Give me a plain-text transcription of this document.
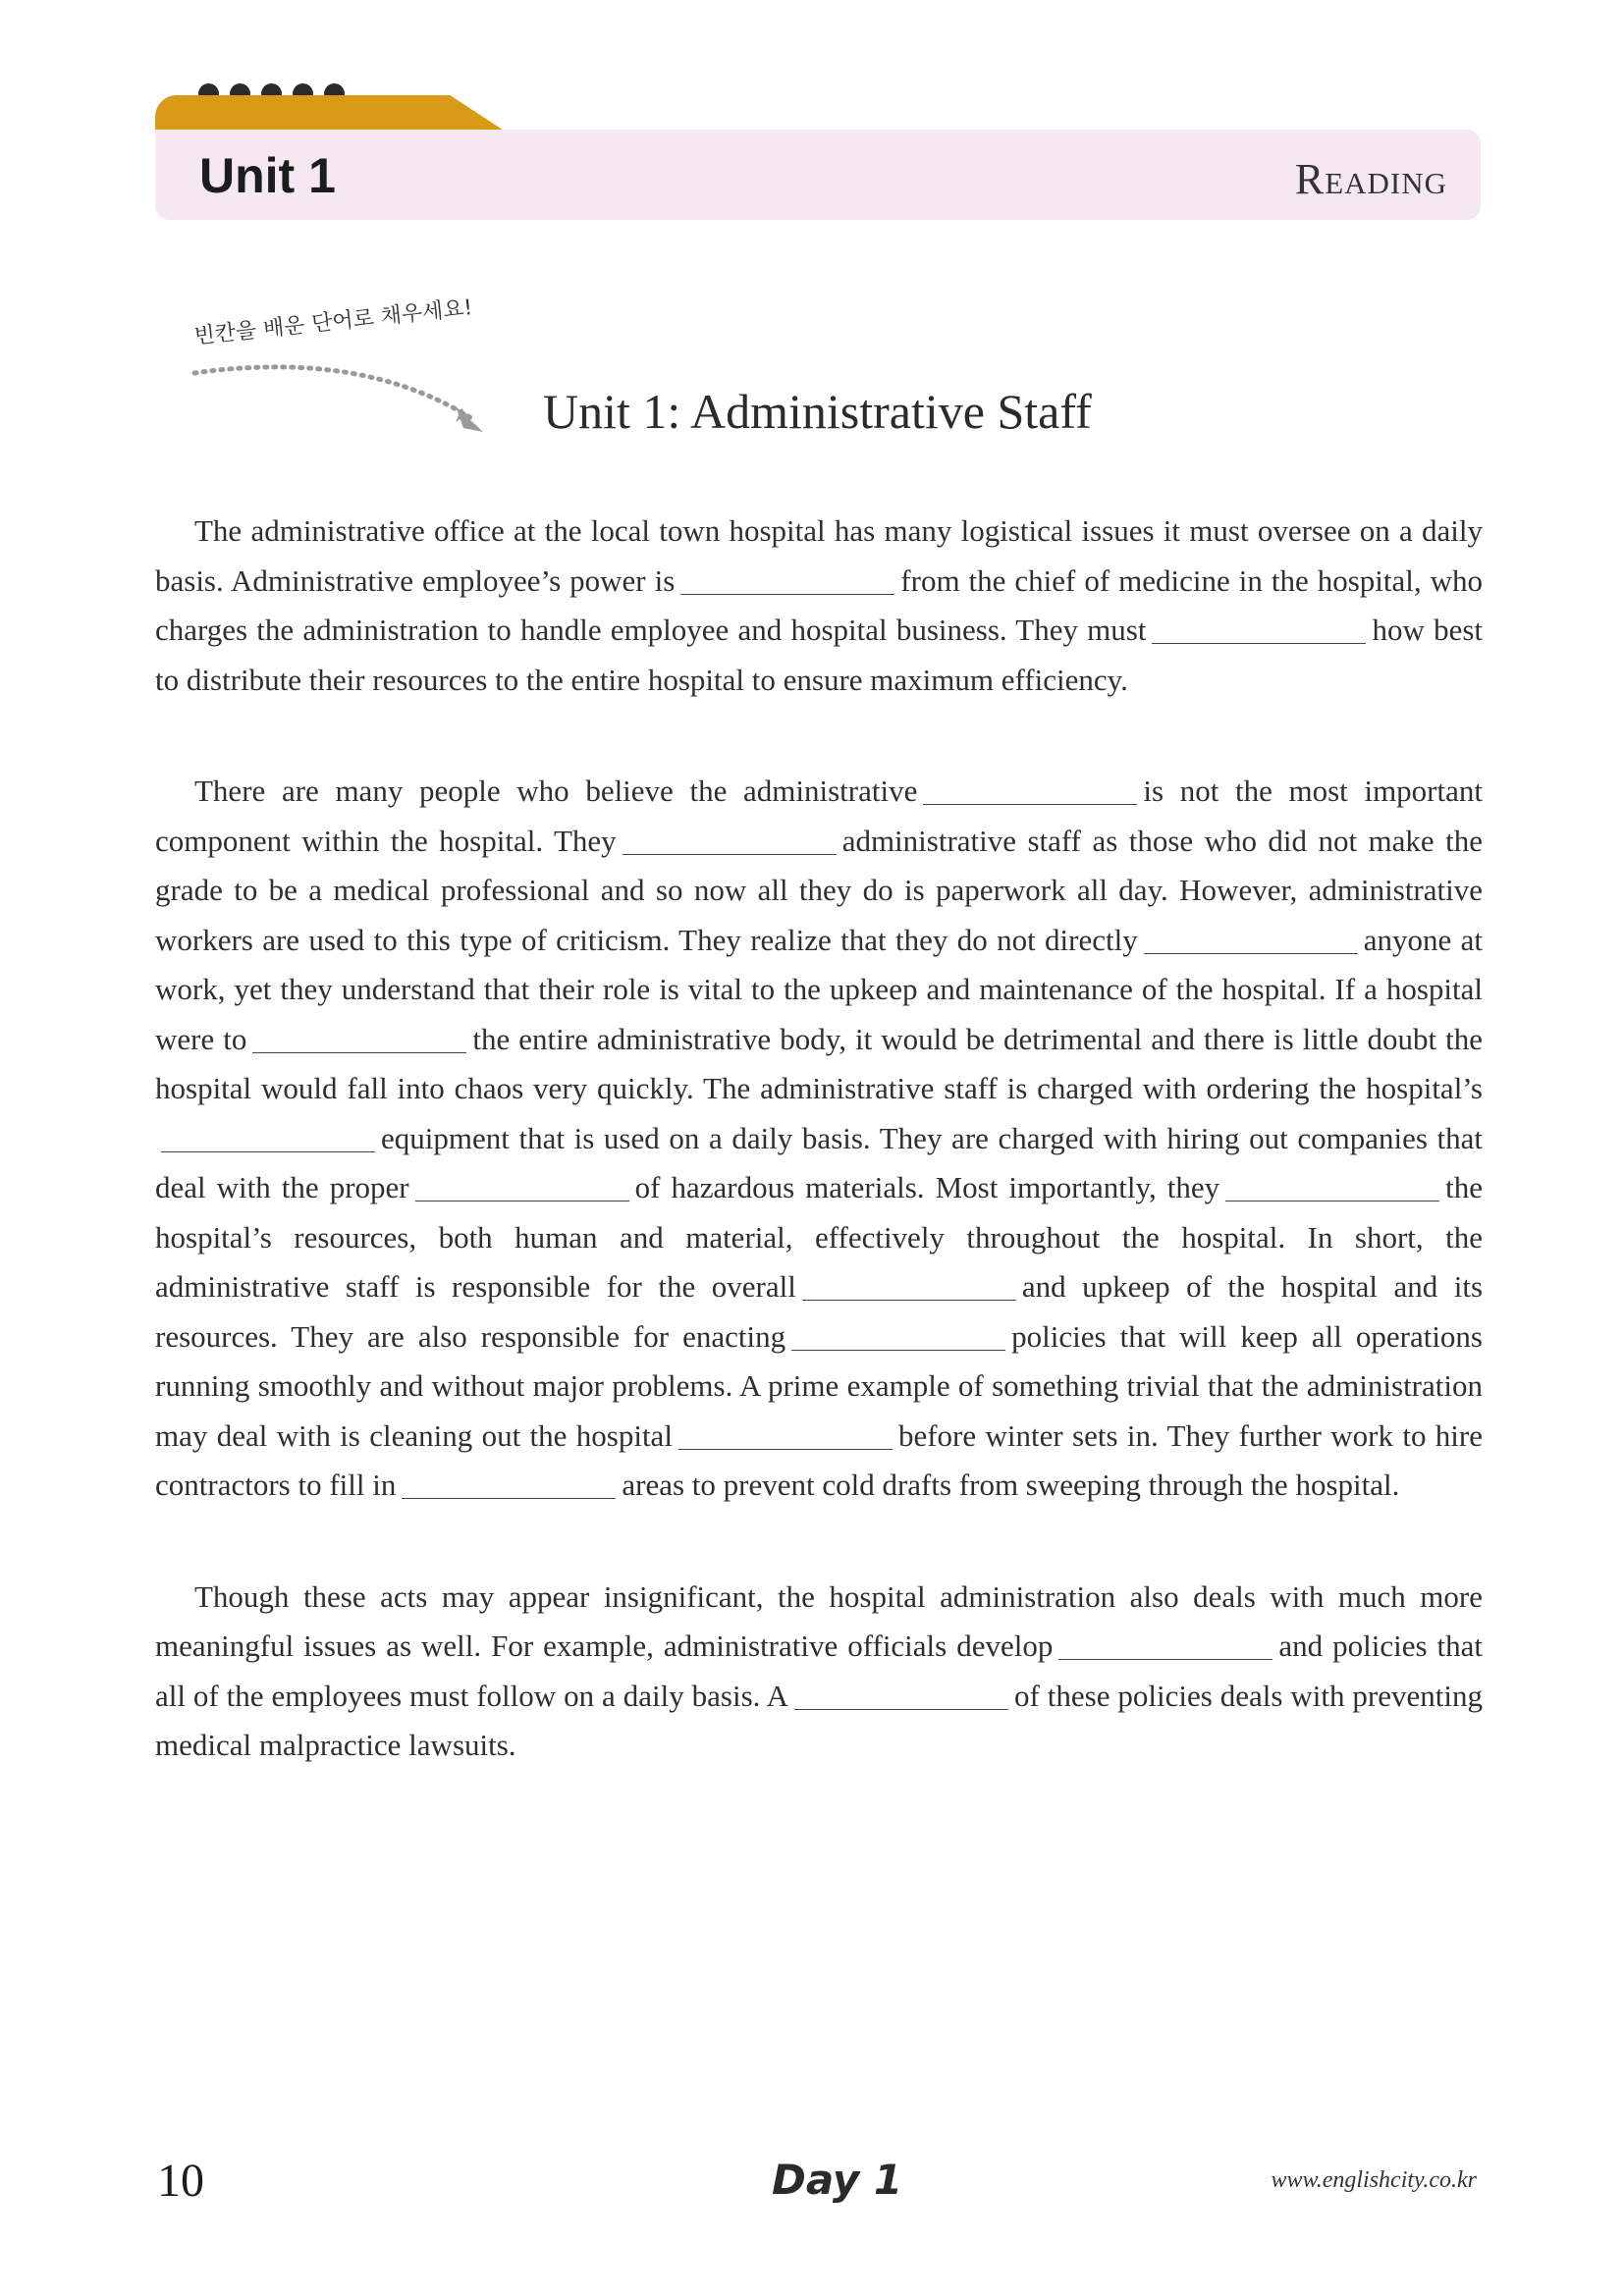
Unit 1	Reading
빈칸을 배운 단어로 채우세요!
Unit 1: Administrative Staff

The administrative office at the local town hospital has many logistical issues it must oversee on a daily basis. Administrative employee’s power is	from the chief of medicine in the hospital, who charges the administration to handle employee and hospital business. They must	how best to distribute their resources to the entire hospital to ensure maximum efficiency.

There are many people who believe the administrative	is not the most important component within the hospital. They	administrative staff as those who did not make the grade to be a medical professional and so now all they do is paperwork all day. However, administrative workers are used to this type of criticism. They realize that they do not directly	anyone at work, yet they understand that their role is vital to the upkeep and maintenance of the hospital. If a hospital were to	the entire administrative body, it would be detrimental and there is little doubt the hospital would fall into chaos very quickly. The administrative staff is charged with ordering the hospital’sequipment that is used on a daily basis. They are charged with hiring out companies that deal with the proper	of hazardous materials. Most importantly, they	the hospital’s resources, both human and material, effectively throughout the hospital. In short, the administrative staff is responsible for the overall	and upkeep of the hospital and its resources. They are also responsible for enacting	policies that will keep all operations running smoothly and without major problems. A prime example of something trivial that the administration may deal with is cleaning out the hospital	before winter sets in. They further work to hire contractors to fill in	areas to prevent cold drafts from sweeping through the hospital.

Though these acts may appear insignificant, the hospital administration also deals with much more meaningful issues as well. For example, administrative officials develop	and policies that all of the employees must follow on a daily basis. A	of these policies deals with preventing medical malpractice lawsuits.

10	Day 1	www.englishcity.co.kr
